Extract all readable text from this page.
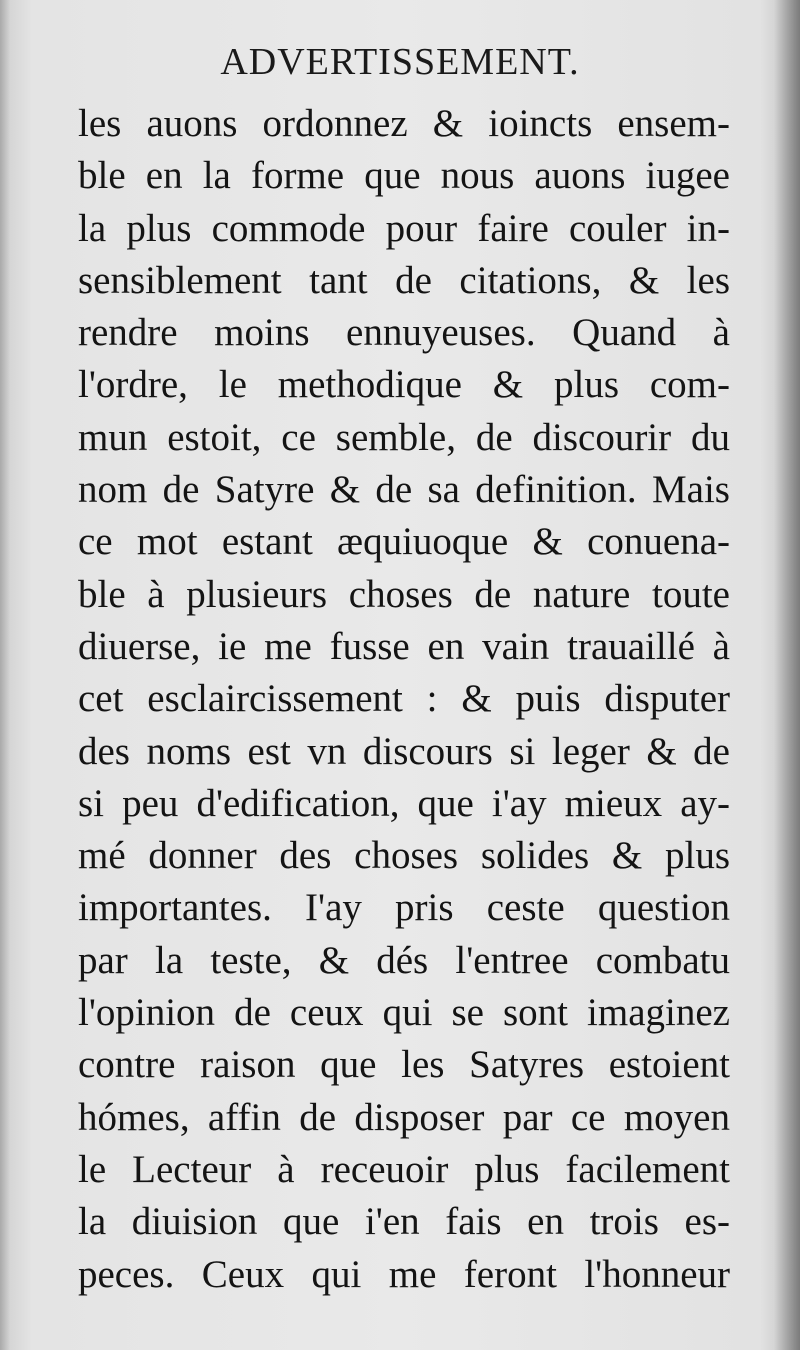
ADVERTISSEMENT.
les auons ordonnez & ioincts ensem-
ble en la forme que nous auons iugee
la plus commode pour faire couler in-
sensiblement tant de citations, & les
rendre moins ennuyeuses. Quand à
l'ordre, le methodique & plus com-
mun estoit, ce semble, de discourir du
nom de Satyre & de sa definition. Mais
ce mot estant æquiuoque & conuena-
ble à plusieurs choses de nature toute
diuerse, ie me fusse en vain trauaillé à
cet esclaircissement : & puis disputer
des noms est vn discours si leger & de
si peu d'edification, que i'ay mieux ay-
mé donner des choses solides & plus
importantes. I'ay pris ceste question
par la teste, & dés l'entree combatu
l'opinion de ceux qui se sont imaginez
contre raison que les Satyres estoient
hómes, affin de disposer par ce moyen
le Lecteur à receuoir plus facilement
la diuision que i'en fais en trois es-
peces. Ceux qui me feront l'honneur
